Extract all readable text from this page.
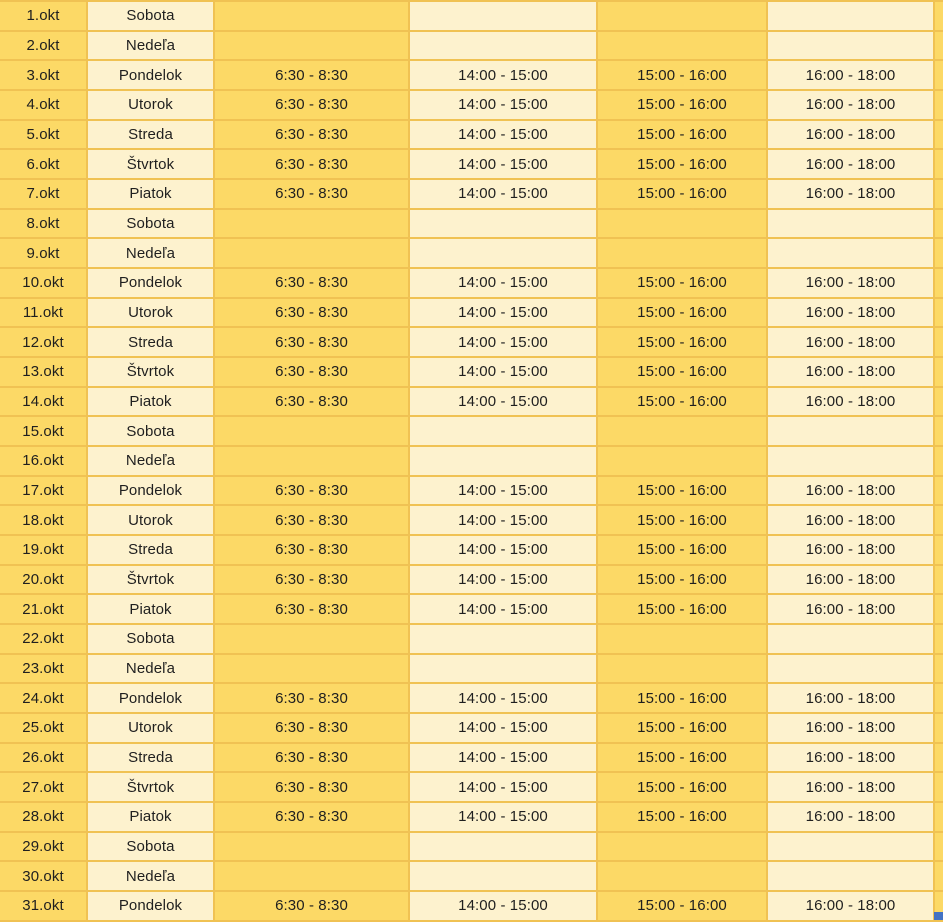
1.okt	Sobota
2.okt	Nedeľa
3.okt	Pondelok	6:30 - 8:30	14:00 - 15:00	15:00 - 16:00	16:00 - 18:00
4.okt	Utorok	6:30 - 8:30	14:00 - 15:00	15:00 - 16:00	16:00 - 18:00
5.okt	Streda	6:30 - 8:30	14:00 - 15:00	15:00 - 16:00	16:00 - 18:00
6.okt	Štvrtok	6:30 - 8:30	14:00 - 15:00	15:00 - 16:00	16:00 - 18:00
7.okt	Piatok	6:30 - 8:30	14:00 - 15:00	15:00 - 16:00	16:00 - 18:00
8.okt	Sobota
9.okt	Nedeľa
10.okt	Pondelok	6:30 - 8:30	14:00 - 15:00	15:00 - 16:00	16:00 - 18:00
11.okt	Utorok	6:30 - 8:30	14:00 - 15:00	15:00 - 16:00	16:00 - 18:00
12.okt	Streda	6:30 - 8:30	14:00 - 15:00	15:00 - 16:00	16:00 - 18:00
13.okt	Štvrtok	6:30 - 8:30	14:00 - 15:00	15:00 - 16:00	16:00 - 18:00
14.okt	Piatok	6:30 - 8:30	14:00 - 15:00	15:00 - 16:00	16:00 - 18:00
15.okt	Sobota
16.okt	Nedeľa
17.okt	Pondelok	6:30 - 8:30	14:00 - 15:00	15:00 - 16:00	16:00 - 18:00
18.okt	Utorok	6:30 - 8:30	14:00 - 15:00	15:00 - 16:00	16:00 - 18:00
19.okt	Streda	6:30 - 8:30	14:00 - 15:00	15:00 - 16:00	16:00 - 18:00
20.okt	Štvrtok	6:30 - 8:30	14:00 - 15:00	15:00 - 16:00	16:00 - 18:00
21.okt	Piatok	6:30 - 8:30	14:00 - 15:00	15:00 - 16:00	16:00 - 18:00
22.okt	Sobota
23.okt	Nedeľa
24.okt	Pondelok	6:30 - 8:30	14:00 - 15:00	15:00 - 16:00	16:00 - 18:00
25.okt	Utorok	6:30 - 8:30	14:00 - 15:00	15:00 - 16:00	16:00 - 18:00
26.okt	Streda	6:30 - 8:30	14:00 - 15:00	15:00 - 16:00	16:00 - 18:00
27.okt	Štvrtok	6:30 - 8:30	14:00 - 15:00	15:00 - 16:00	16:00 - 18:00
28.okt	Piatok	6:30 - 8:30	14:00 - 15:00	15:00 - 16:00	16:00 - 18:00
29.okt	Sobota
30.okt	Nedeľa
31.okt	Pondelok	6:30 - 8:30	14:00 - 15:00	15:00 - 16:00	16:00 - 18:00
